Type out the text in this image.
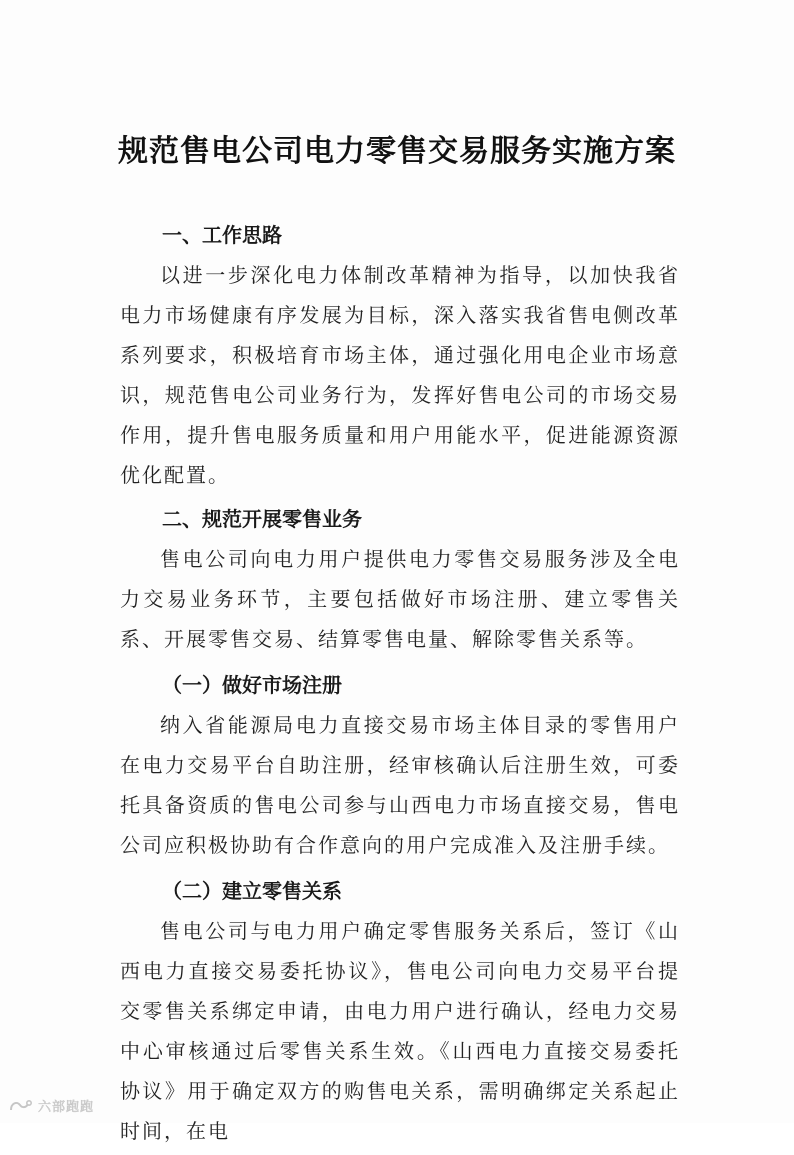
规范售电公司电力零售交易服务实施方案
一、工作思路

以进一步深化电力体制改革精神为指导，以加快我省电力市场健康有序发展为目标，深入落实我省售电侧改革系列要求，积极培育市场主体，通过强化用电企业市场意识，规范售电公司业务行为，发挥好售电公司的市场交易作用，提升售电服务质量和用户用能水平，促进能源资源优化配置。

二、规范开展零售业务

售电公司向电力用户提供电力零售交易服务涉及全电力交易业务环节，主要包括做好市场注册、建立零售关系、开展零售交易、结算零售电量、解除零售关系等。

（一）做好市场注册

纳入省能源局电力直接交易市场主体目录的零售用户在电力交易平台自助注册，经审核确认后注册生效，可委托具备资质的售电公司参与山西电力市场直接交易，售电公司应积极协助有合作意向的用户完成准入及注册手续。

（二）建立零售关系

售电公司与电力用户确定零售服务关系后，签订《山西电力直接交易委托协议》，售电公司向电力交易平台提交零售关系绑定申请，由电力用户进行确认，经电力交易中心审核通过后零售关系生效。《山西电力直接交易委托协议》用于确定双方的购售电关系，需明确绑定关系起止时间，在电

六部跑跑
